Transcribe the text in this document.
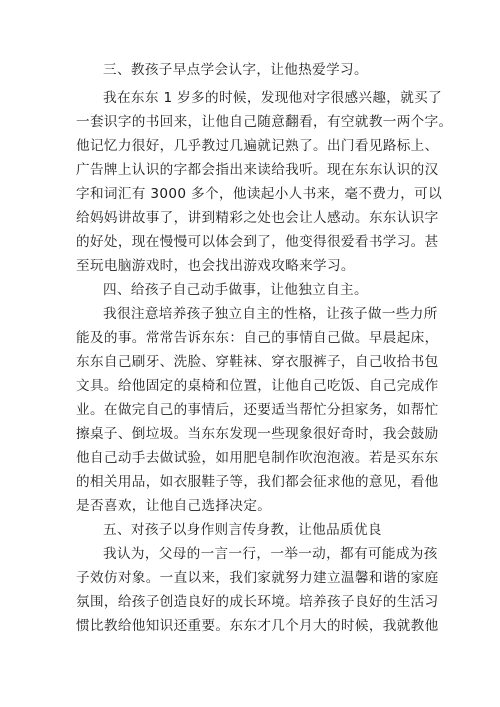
三、教孩子早点学会认字，让他热爱学习。
我在东东 1 岁多的时候，发现他对字很感兴趣，就买了
一套识字的书回来，让他自己随意翻看，有空就教一两个字。
他记忆力很好，几乎教过几遍就记熟了。出门看见路标上、
广告牌上认识的字都会指出来读给我听。现在东东认识的汉
字和词汇有 3000 多个，他读起小人书来，毫不费力，可以
给妈妈讲故事了，讲到精彩之处也会让人感动。东东认识字
的好处，现在慢慢可以体会到了，他变得很爱看书学习。甚
至玩电脑游戏时，也会找出游戏攻略来学习。
四、给孩子自己动手做事，让他独立自主。
我很注意培养孩子独立自主的性格，让孩子做一些力所
能及的事。常常告诉东东：自己的事情自己做。早晨起床，
东东自己刷牙、洗脸、穿鞋袜、穿衣服裤子，自己收拾书包
文具。给他固定的桌椅和位置，让他自己吃饭、自己完成作
业。在做完自己的事情后，还要适当帮忙分担家务，如帮忙
擦桌子、倒垃圾。当东东发现一些现象很好奇时，我会鼓励
他自己动手去做试验，如用肥皂制作吹泡泡液。若是买东东
的相关用品，如衣服鞋子等，我们都会征求他的意见，看他
是否喜欢，让他自己选择决定。
五、对孩子以身作则言传身教，让他品质优良
我认为，父母的一言一行，一举一动，都有可能成为孩
子效仿对象。一直以来，我们家就努力建立温馨和谐的家庭
氛围，给孩子创造良好的成长环境。培养孩子良好的生活习
惯比教给他知识还重要。东东才几个月大的时候，我就教他
